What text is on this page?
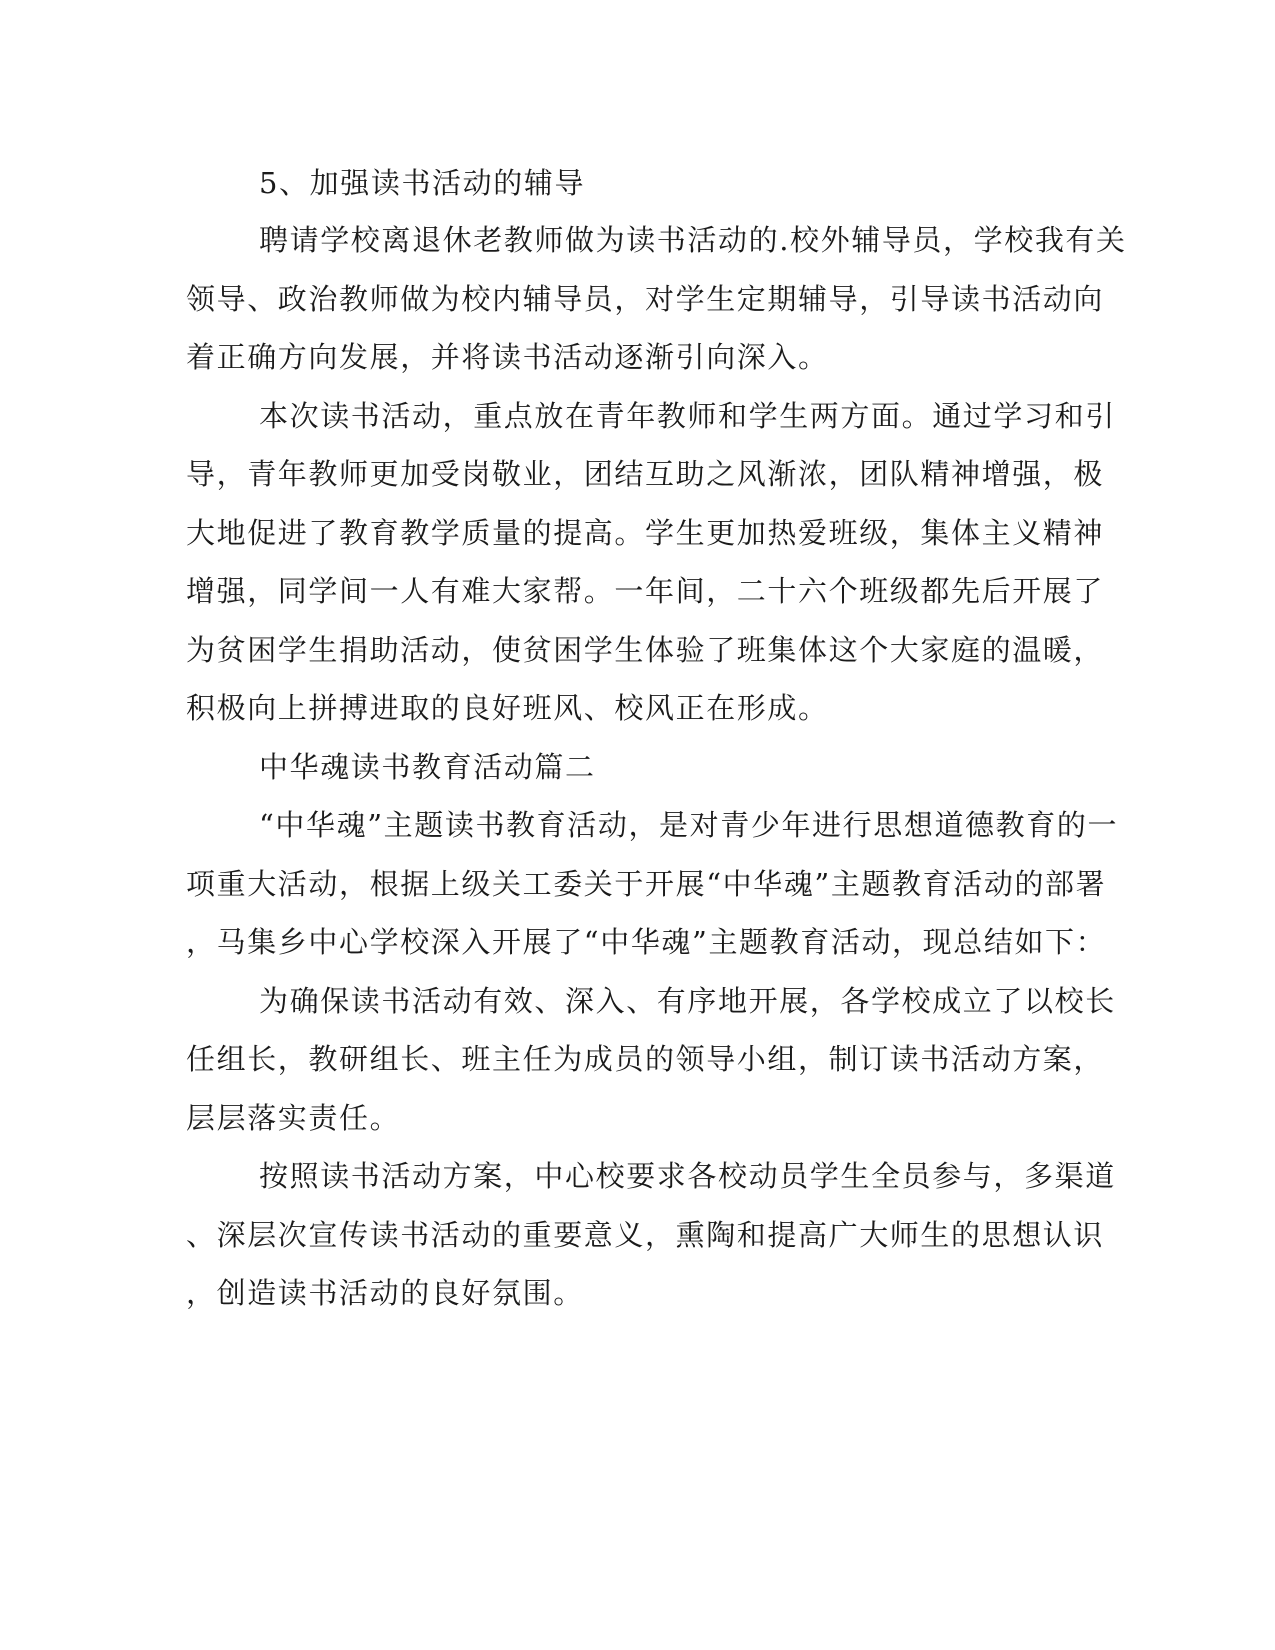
5、加强读书活动的辅导
聘请学校离退休老教师做为读书活动的.校外辅导员，学校我有关
领导、政治教师做为校内辅导员，对学生定期辅导，引导读书活动向
着正确方向发展，并将读书活动逐渐引向深入。
本次读书活动，重点放在青年教师和学生两方面。通过学习和引
导，青年教师更加受岗敬业，团结互助之风渐浓，团队精神增强，极
大地促进了教育教学质量的提高。学生更加热爱班级，集体主义精神
增强，同学间一人有难大家帮。一年间，二十六个班级都先后开展了
为贫困学生捐助活动，使贫困学生体验了班集体这个大家庭的温暖，
积极向上拼搏进取的良好班风、校风正在形成。
中华魂读书教育活动篇二
“中华魂”主题读书教育活动，是对青少年进行思想道德教育的一
项重大活动，根据上级关工委关于开展“中华魂”主题教育活动的部署
，马集乡中心学校深入开展了“中华魂”主题教育活动，现总结如下：
为确保读书活动有效、深入、有序地开展，各学校成立了以校长
任组长，教研组长、班主任为成员的领导小组，制订读书活动方案，
层层落实责任。
按照读书活动方案，中心校要求各校动员学生全员参与，多渠道
、深层次宣传读书活动的重要意义，熏陶和提高广大师生的思想认识
，创造读书活动的良好氛围。
